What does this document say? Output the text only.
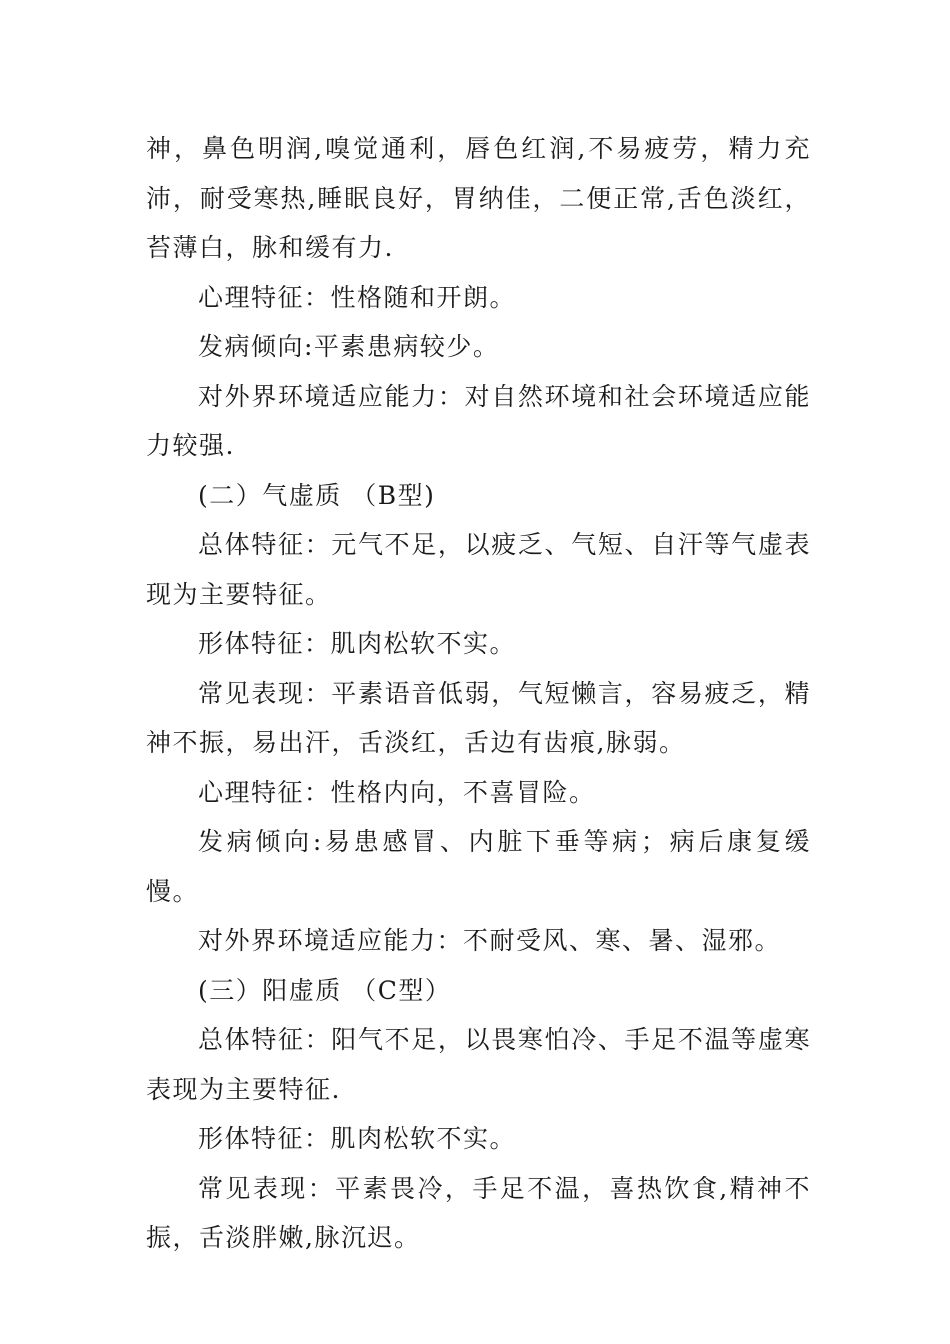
神，鼻色明润,嗅觉通利，唇色红润,不易疲劳，精力充沛，耐受寒热,睡眠良好，胃纳佳，二便正常,舌色淡红，苔薄白，脉和缓有力.

心理特征：性格随和开朗。

发病倾向:平素患病较少。

对外界环境适应能力：对自然环境和社会环境适应能力较强.

(二）气虚质 （B型)

总体特征：元气不足，以疲乏、气短、自汗等气虚表现为主要特征。

形体特征：肌肉松软不实。

常见表现：平素语音低弱，气短懒言，容易疲乏，精神不振，易出汗，舌淡红，舌边有齿痕,脉弱。

心理特征：性格内向，不喜冒险。

发病倾向:易患感冒、内脏下垂等病；病后康复缓慢。

对外界环境适应能力：不耐受风、寒、暑、湿邪。

(三）阳虚质 （C型）

总体特征：阳气不足，以畏寒怕冷、手足不温等虚寒表现为主要特征.

形体特征：肌肉松软不实。

常见表现：平素畏冷，手足不温，喜热饮食,精神不振，舌淡胖嫩,脉沉迟。
